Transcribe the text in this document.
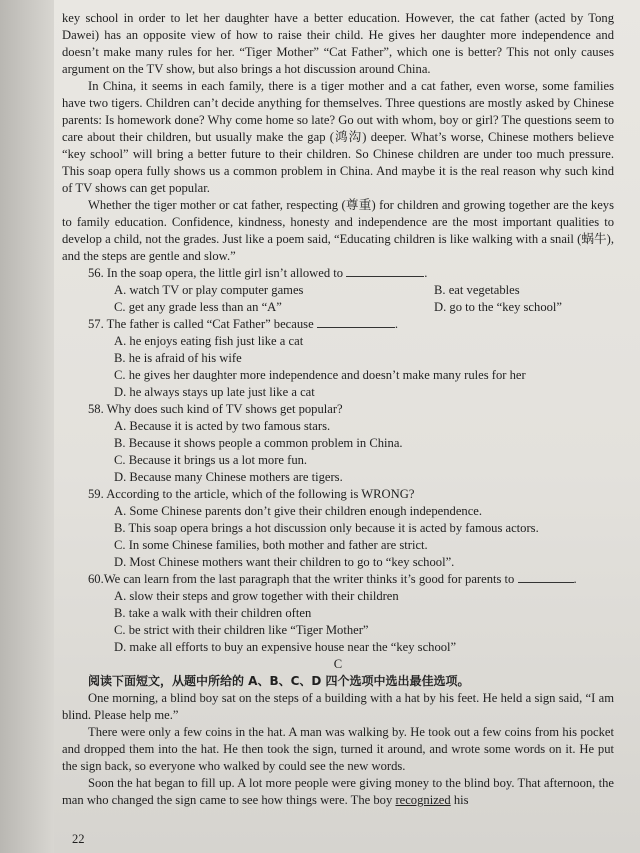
key school in order to let her daughter have a better education. However, the cat father (acted by Tong Dawei) has an opposite view of how to raise their child. He gives her daughter more independence and doesn’t make many rules for her. “Tiger Mother” “Cat Father”, which one is better? This not only causes argument on the TV show, but also brings a hot discussion around China.

In China, it seems in each family, there is a tiger mother and a cat father, even worse, some families have two tigers. Children can’t decide anything for themselves. Three questions are mostly asked by Chinese parents: Is homework done? Why come home so late? Go out with whom, boy or girl? The questions seem to care about their children, but usually make the gap (鸿沟) deeper. What’s worse, Chinese mothers believe “key school” will bring a better future to their children. So Chinese children are under too much pressure. This soap opera fully shows us a common problem in China. And maybe it is the real reason why such kind of TV shows can get popular.

Whether the tiger mother or cat father, respecting (尊重) for children and growing together are the keys to family education. Confidence, kindness, honesty and independence are the most important qualities to develop a child, not the grades. Just like a poem said, “Educating children is like walking with a snail (蜗牛), and the steps are gentle and slow.”

56. In the soap opera, the little girl isn’t allowed to	.
A. watch TV or play computer games	B. eat vegetables
C. get any grade less than an “A”	D. go to the “key school”
57. The father is called “Cat Father” because	.
A. he enjoys eating fish just like a cat
B. he is afraid of his wife
C. he gives her daughter more independence and doesn’t make many rules for her
D. he always stays up late just like a cat
58. Why does such kind of TV shows get popular?
A. Because it is acted by two famous stars.
B. Because it shows people a common problem in China.
C. Because it brings us a lot more fun.
D. Because many Chinese mothers are tigers.
59. According to the article, which of the following is WRONG?
A. Some Chinese parents don’t give their children enough independence.
B. This soap opera brings a hot discussion only because it is acted by famous actors.
C. In some Chinese families, both mother and father are strict.
D. Most Chinese mothers want their children to go to “key school”.
60.We can learn from the last paragraph that the writer thinks it’s good for parents to	.
A. slow their steps and grow together with their children
B. take a walk with their children often
C. be strict with their children like “Tiger Mother”
D. make all efforts to buy an expensive house near the “key school”

C

阅读下面短文，从题中所给的 A、B、C、D 四个选项中选出最佳选项。

One morning, a blind boy sat on the steps of a building with a hat by his feet. He held a sign said, “I am blind. Please help me.”

There were only a few coins in the hat. A man was walking by. He took out a few coins from his pocket and dropped them into the hat. He then took the sign, turned it around, and wrote some words on it. He put the sign back, so everyone who walked by could see the new words.

Soon the hat began to fill up. A lot more people were giving money to the blind boy. That afternoon, the man who changed the sign came to see how things were. The boy recognized his

22
